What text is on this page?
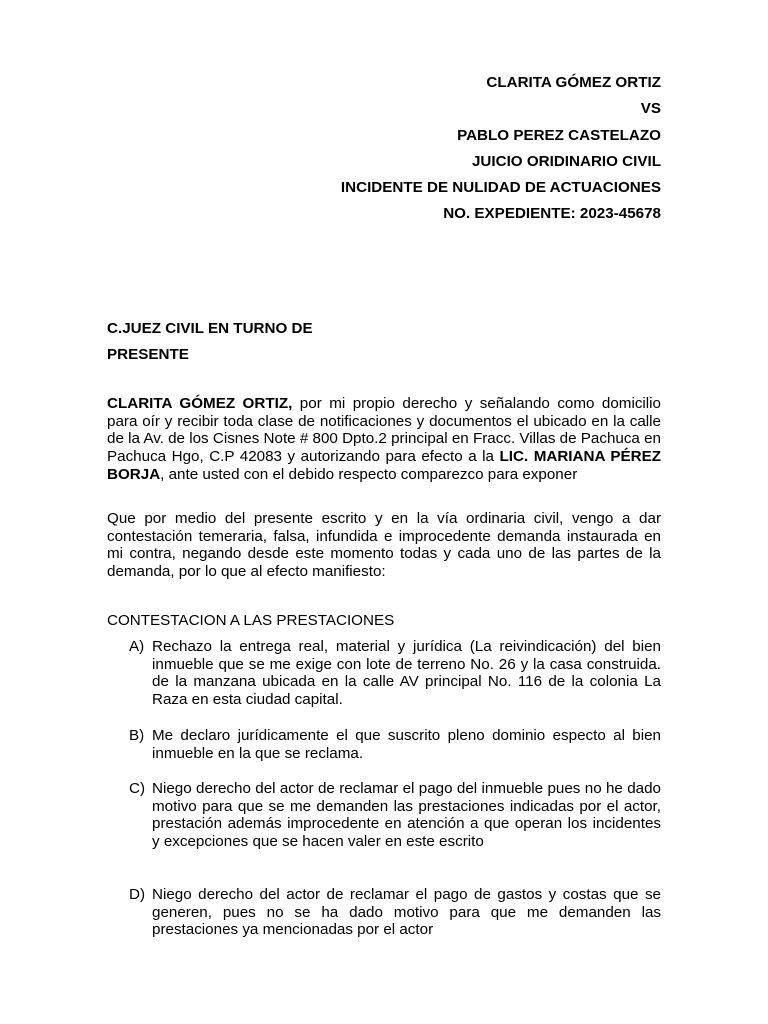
CLARITA GÓMEZ ORTIZ
VS
PABLO PEREZ CASTELAZO
JUICIO ORIDINARIO CIVIL
INCIDENTE DE NULIDAD DE ACTUACIONES
NO. EXPEDIENTE: 2023-45678
C.JUEZ CIVIL EN TURNO DE
PRESENTE
CLARITA GÓMEZ ORTIZ, por mi propio derecho y señalando como domicilio para oír y recibir toda clase de notificaciones y documentos el ubicado en la calle de la Av. de los Cisnes Note # 800 Dpto.2 principal en Fracc. Villas de Pachuca en Pachuca Hgo, C.P 42083 y autorizando para efecto a la LIC. MARIANA PÉREZ BORJA, ante usted con el debido respecto comparezco para exponer
Que por medio del presente escrito y en la vía ordinaria civil, vengo a dar contestación temeraria, falsa, infundida e improcedente demanda instaurada en mi contra, negando desde este momento todas y cada uno de las partes de la demanda, por lo que al efecto manifiesto:
CONTESTACION A LAS PRESTACIONES
A) Rechazo la entrega real, material y jurídica (La reivindicación) del bien inmueble que se me exige con lote de terreno No. 26 y la casa construida. de la manzana ubicada en la calle AV principal No. 116 de la colonia La Raza en esta ciudad capital.
B) Me declaro jurídicamente el que suscrito pleno dominio especto al bien inmueble en la que se reclama.
C) Niego derecho del actor de reclamar el pago del inmueble pues no he dado motivo para que se me demanden las prestaciones indicadas por el actor, prestación además improcedente en atención a que operan los incidentes y excepciones que se hacen valer en este escrito
D) Niego derecho del actor de reclamar el pago de gastos y costas que se generen, pues no se ha dado motivo para que me demanden las prestaciones ya mencionadas por el actor
